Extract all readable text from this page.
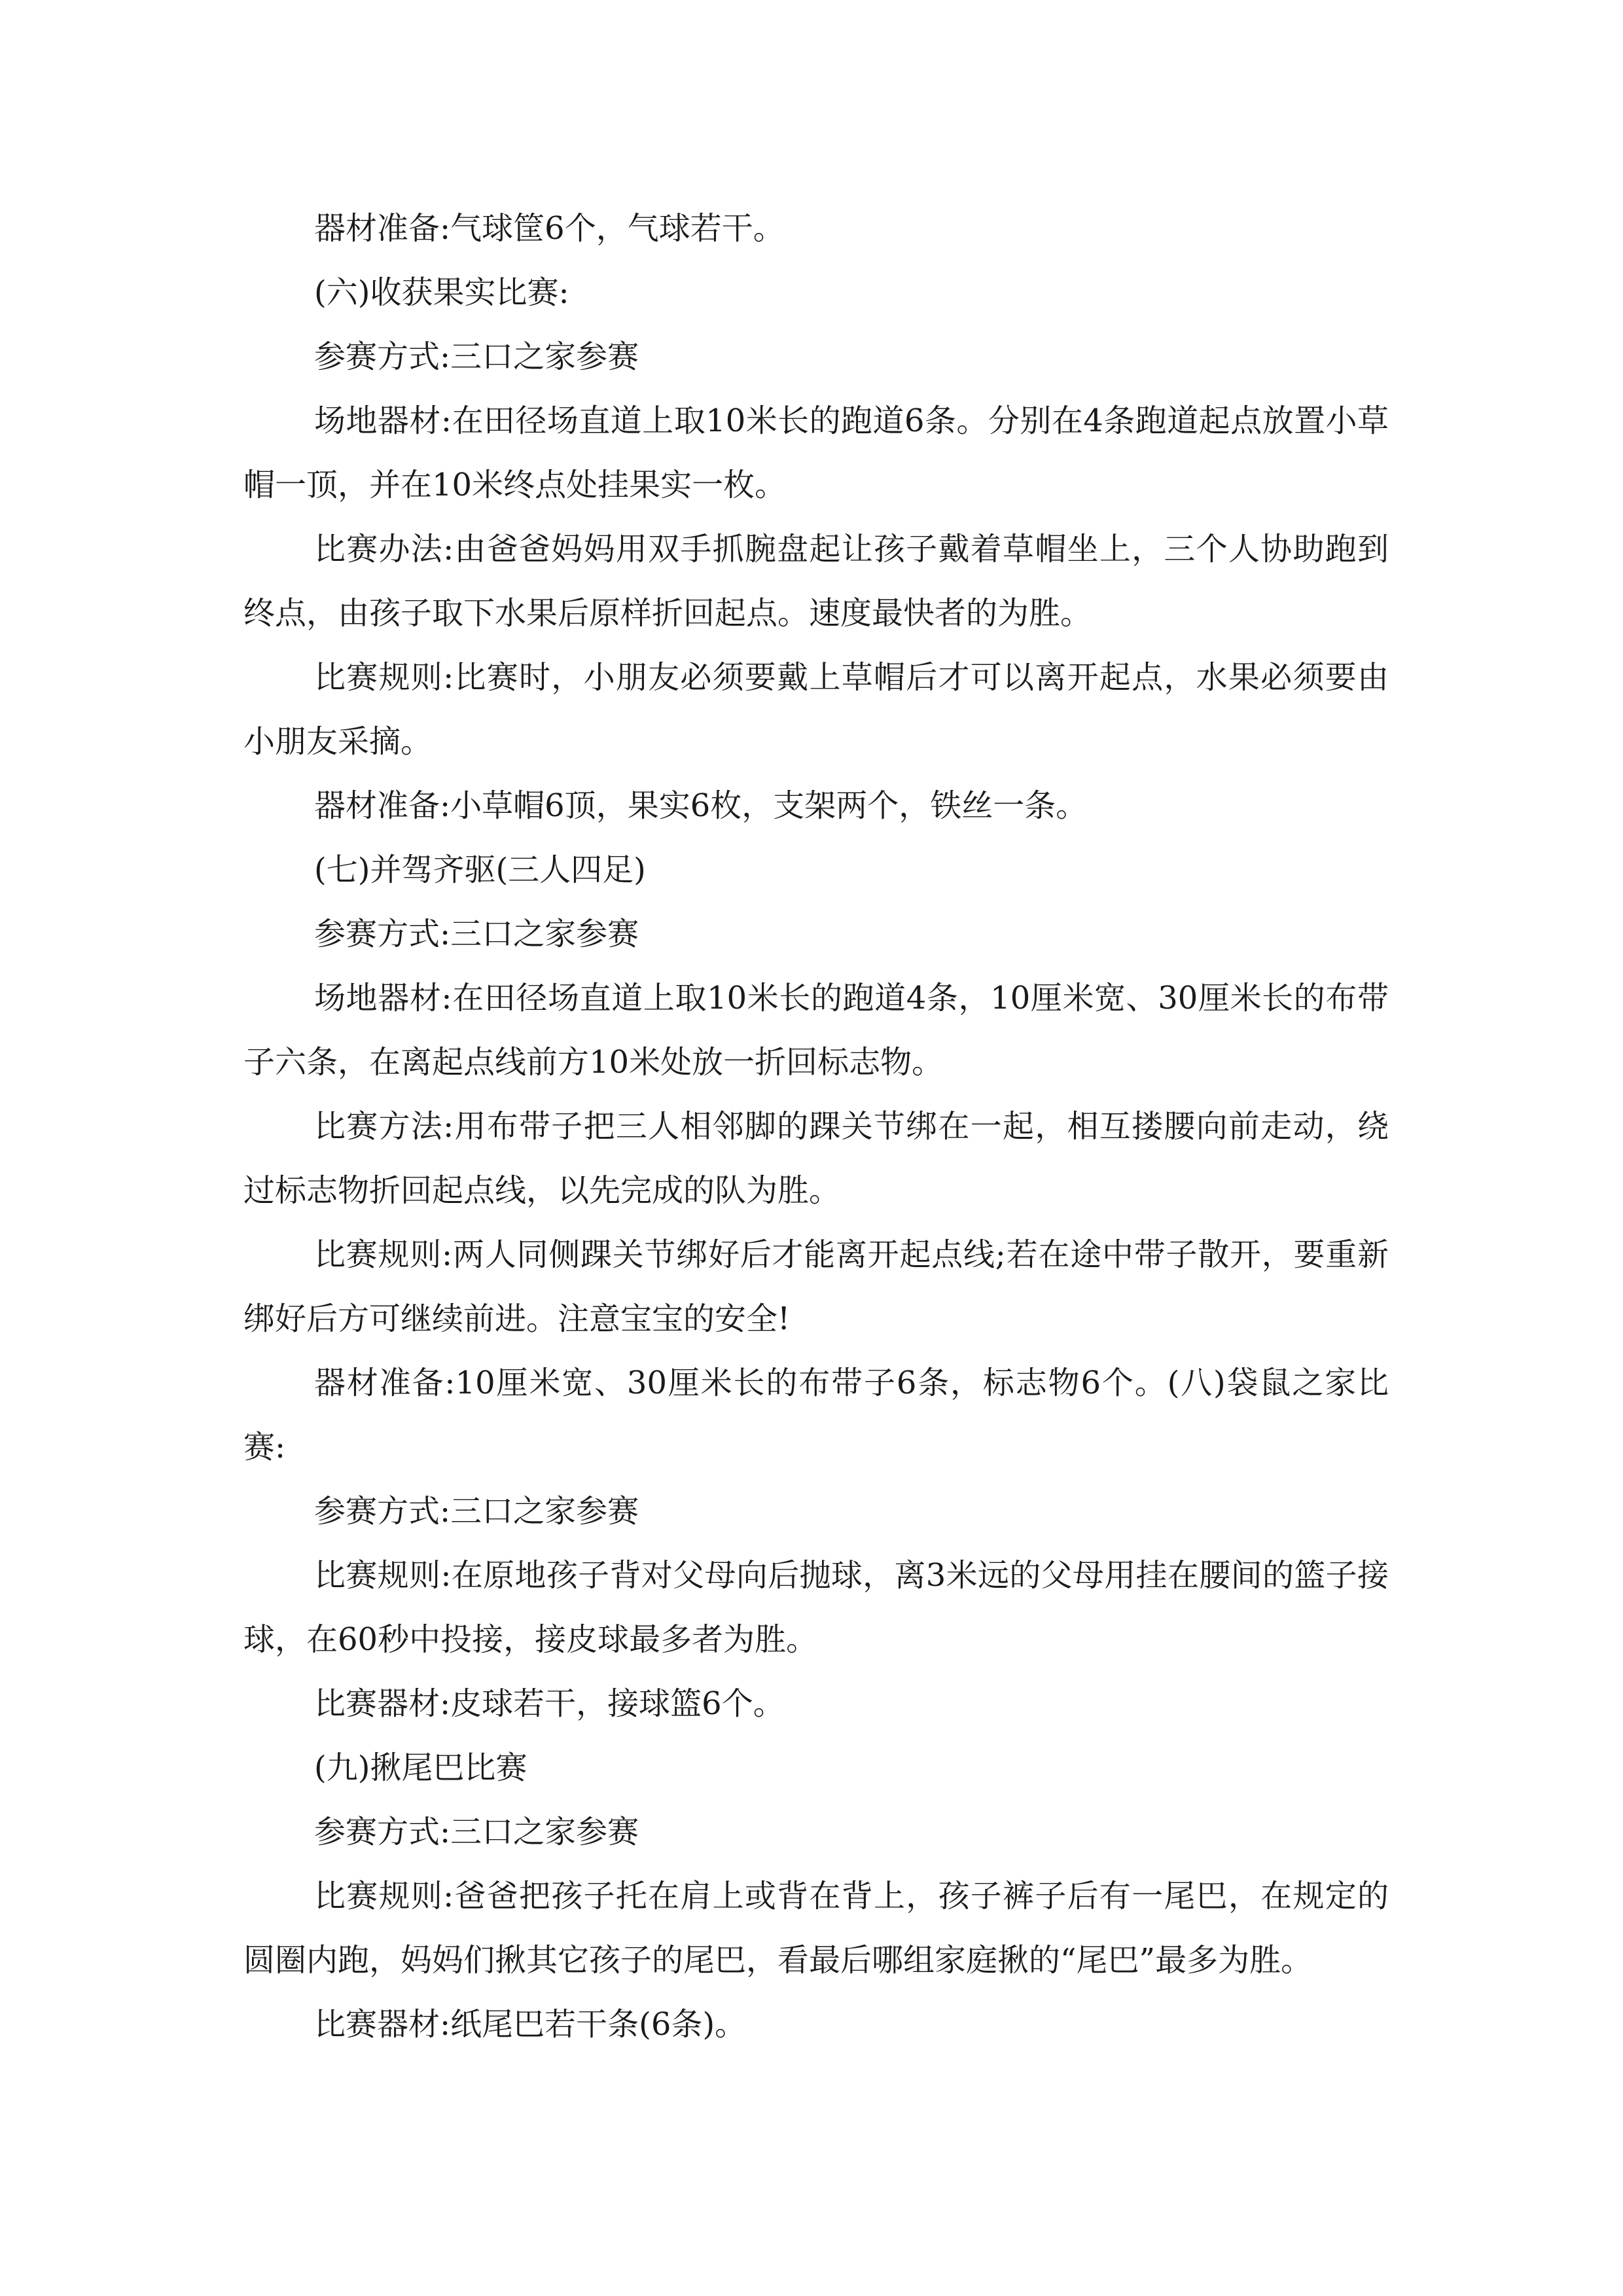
器材准备:气球筐6个，气球若干。

(六)收获果实比赛:

参赛方式:三口之家参赛

场地器材:在田径场直道上取10米长的跑道6条。分别在4条跑道起点放置小草帽一顶，并在10米终点处挂果实一枚。

比赛办法:由爸爸妈妈用双手抓腕盘起让孩子戴着草帽坐上，三个人协助跑到终点，由孩子取下水果后原样折回起点。速度最快者的为胜。

比赛规则:比赛时，小朋友必须要戴上草帽后才可以离开起点，水果必须要由小朋友采摘。

器材准备:小草帽6顶，果实6枚，支架两个，铁丝一条。

(七)并驾齐驱(三人四足)

参赛方式:三口之家参赛

场地器材:在田径场直道上取10米长的跑道4条，10厘米宽、30厘米长的布带子六条，在离起点线前方10米处放一折回标志物。

比赛方法:用布带子把三人相邻脚的踝关节绑在一起，相互搂腰向前走动，绕过标志物折回起点线，以先完成的队为胜。

比赛规则:两人同侧踝关节绑好后才能离开起点线;若在途中带子散开，要重新绑好后方可继续前进。注意宝宝的安全!

器材准备:10厘米宽、30厘米长的布带子6条，标志物6个。(八)袋鼠之家比赛:

参赛方式:三口之家参赛

比赛规则:在原地孩子背对父母向后抛球，离3米远的父母用挂在腰间的篮子接球，在60秒中投接，接皮球最多者为胜。

比赛器材:皮球若干，接球篮6个。

(九)揪尾巴比赛

参赛方式:三口之家参赛

比赛规则:爸爸把孩子托在肩上或背在背上，孩子裤子后有一尾巴，在规定的圆圈内跑，妈妈们揪其它孩子的尾巴，看最后哪组家庭揪的“尾巴”最多为胜。

比赛器材:纸尾巴若干条(6条)。
